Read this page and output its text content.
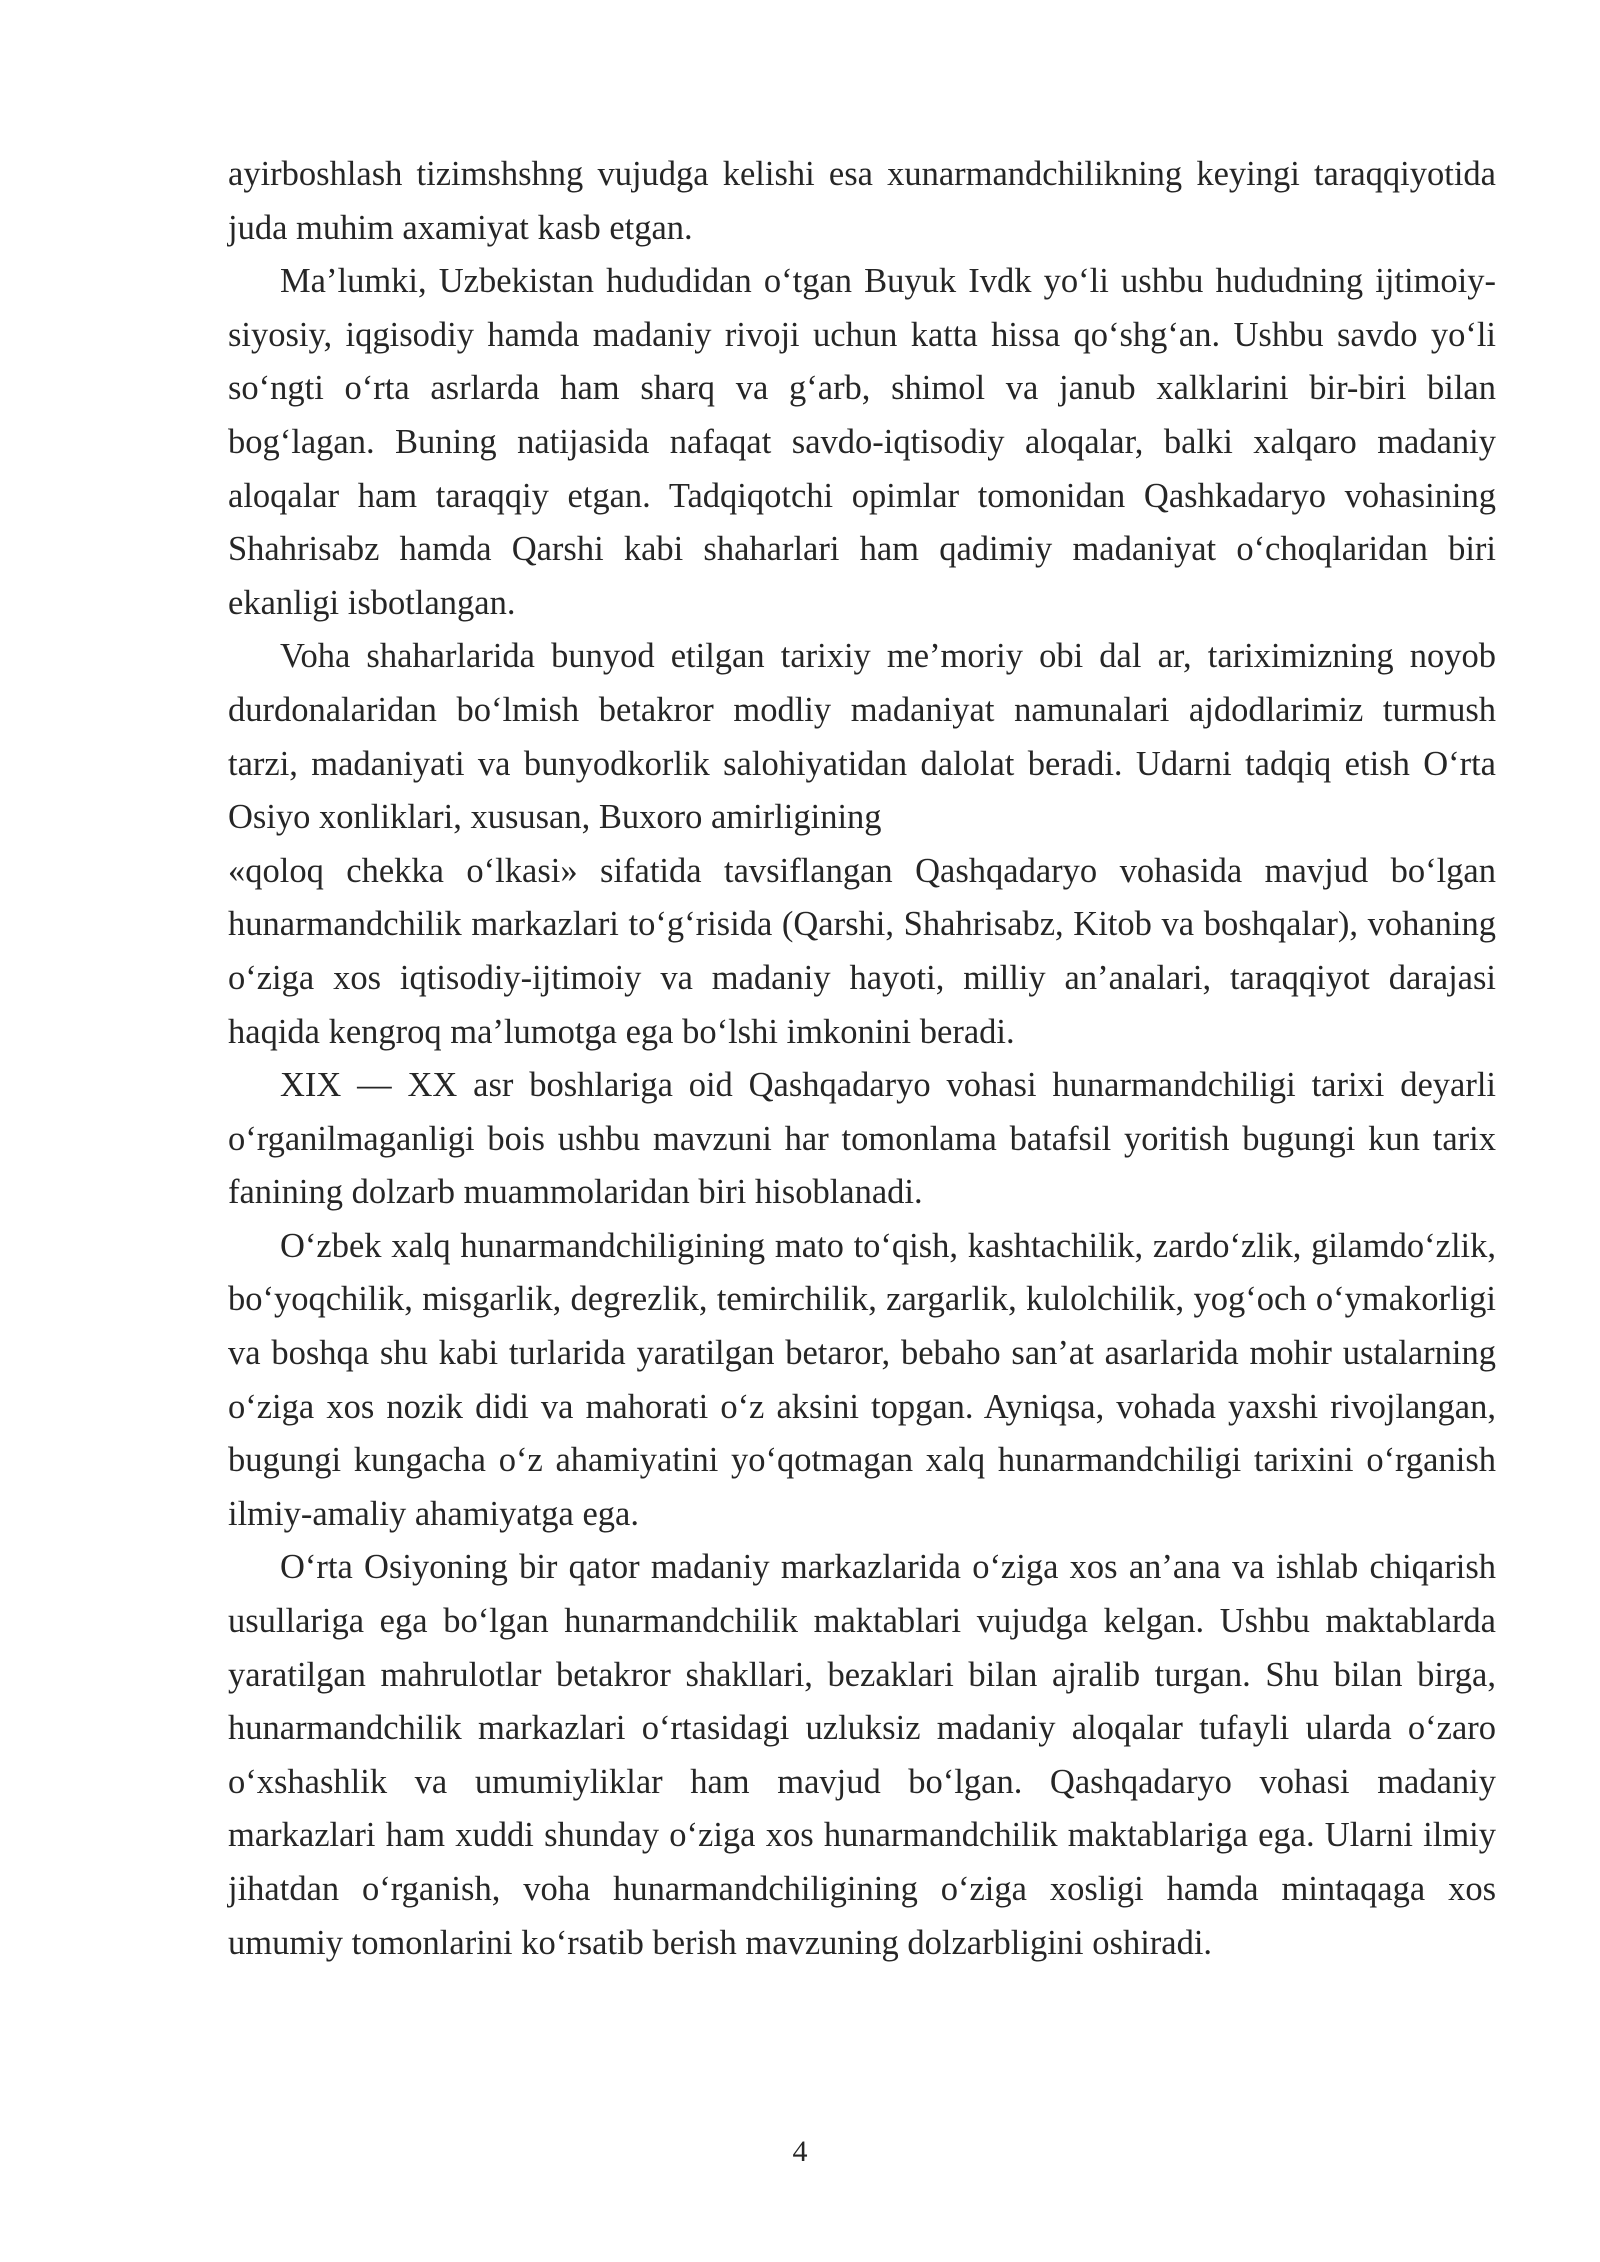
ayirboshlash tizimshshng vujudga kelishi esa xunarmandchilikning keyingi taraqqiyotida juda muhim axamiyat kasb etgan.

Ma’lumki, Uzbekistan hududidan o‘tgan Buyuk Ivdk yo‘li ushbu hududning ijtimoiy-siyosiy, iqgisodiy hamda madaniy rivoji uchun katta hissa qo‘shg‘an. Ushbu savdo yo‘li so‘ngti o‘rta asrlarda ham sharq va g‘arb, shimol va janub xalklarini bir-biri bilan bog‘lagan. Buning natijasida nafaqat savdo-iqtisodiy aloqalar, balki xalqaro madaniy aloqalar ham taraqqiy etgan. Tadqiqotchi opimlar tomonidan Qashkadaryo vohasining Shahrisabz hamda Qarshi kabi shaharlari ham qadimiy madaniyat o‘choqlaridan biri ekanligi isbotlangan.

Voha shaharlarida bunyod etilgan tarixiy me’moriy obi dal ar, tariximizning noyob durdonalaridan bo‘lmish betakror modliy madaniyat namunalari ajdodlarimiz turmush tarzi, madaniyati va bunyodkorlik salohiyatidan dalolat beradi. Udarni tadqiq etish O‘rta Osiyo xonliklari, xususan, Buxoro amirligining

«qoloq chekka o‘lkasi» sifatida tavsiflangan Qashqadaryo vohasida mavjud bo‘lgan hunarmandchilik markazlari to‘g‘risida (Qarshi, Shahrisabz, Kitob va boshqalar), vohaning o‘ziga xos iqtisodiy-ijtimoiy va madaniy hayoti, milliy an’analari, taraqqiyot darajasi haqida kengroq ma’lumotga ega bo‘lshi imkonini beradi.

XIX — XX asr boshlariga oid Qashqadaryo vohasi hunarmandchiligi tarixi deyarli o‘rganilmaganligi bois ushbu mavzuni har tomonlama batafsil yoritish bugungi kun tarix fanining dolzarb muammolaridan biri hisoblanadi.

O‘zbek xalq hunarmandchiligining mato to‘qish, kashtachilik, zardo‘zlik, gilamdo‘zlik, bo‘yoqchilik, misgarlik, degrezlik, temirchilik, zargarlik, kulolchilik, yog‘och o‘ymakorligi va boshqa shu kabi turlarida yaratilgan betaror, bebaho san’at asarlarida mohir ustalarning o‘ziga xos nozik didi va mahorati o‘z aksini topgan. Ayniqsa, vohada yaxshi rivojlangan, bugungi kungacha o‘z ahamiyatini yo‘qotmagan xalq hunarmandchiligi tarixini o‘rganish ilmiy-amaliy ahamiyatga ega.

O‘rta Osiyoning bir qator madaniy markazlarida o‘ziga xos an’ana va ishlab chiqarish usullariga ega bo‘lgan hunarmandchilik maktablari vujudga kelgan. Ushbu maktablarda yaratilgan mahrulotlar betakror shakllari, bezaklari bilan ajralib turgan. Shu bilan birga, hunarmandchilik markazlari o‘rtasidagi uzluksiz madaniy aloqalar tufayli ularda o‘zaro o‘xshashlik va umumiyliklar ham mavjud bo‘lgan. Qashqadaryo vohasi madaniy markazlari ham xuddi shunday o‘ziga xos hunarmandchilik maktablariga ega. Ularni ilmiy jihatdan o‘rganish, voha hunarmandchiligining o‘ziga xosligi hamda mintaqaga xos umumiy tomonlarini ko‘rsatib berish mavzuning dolzarbligini oshiradi.

4
